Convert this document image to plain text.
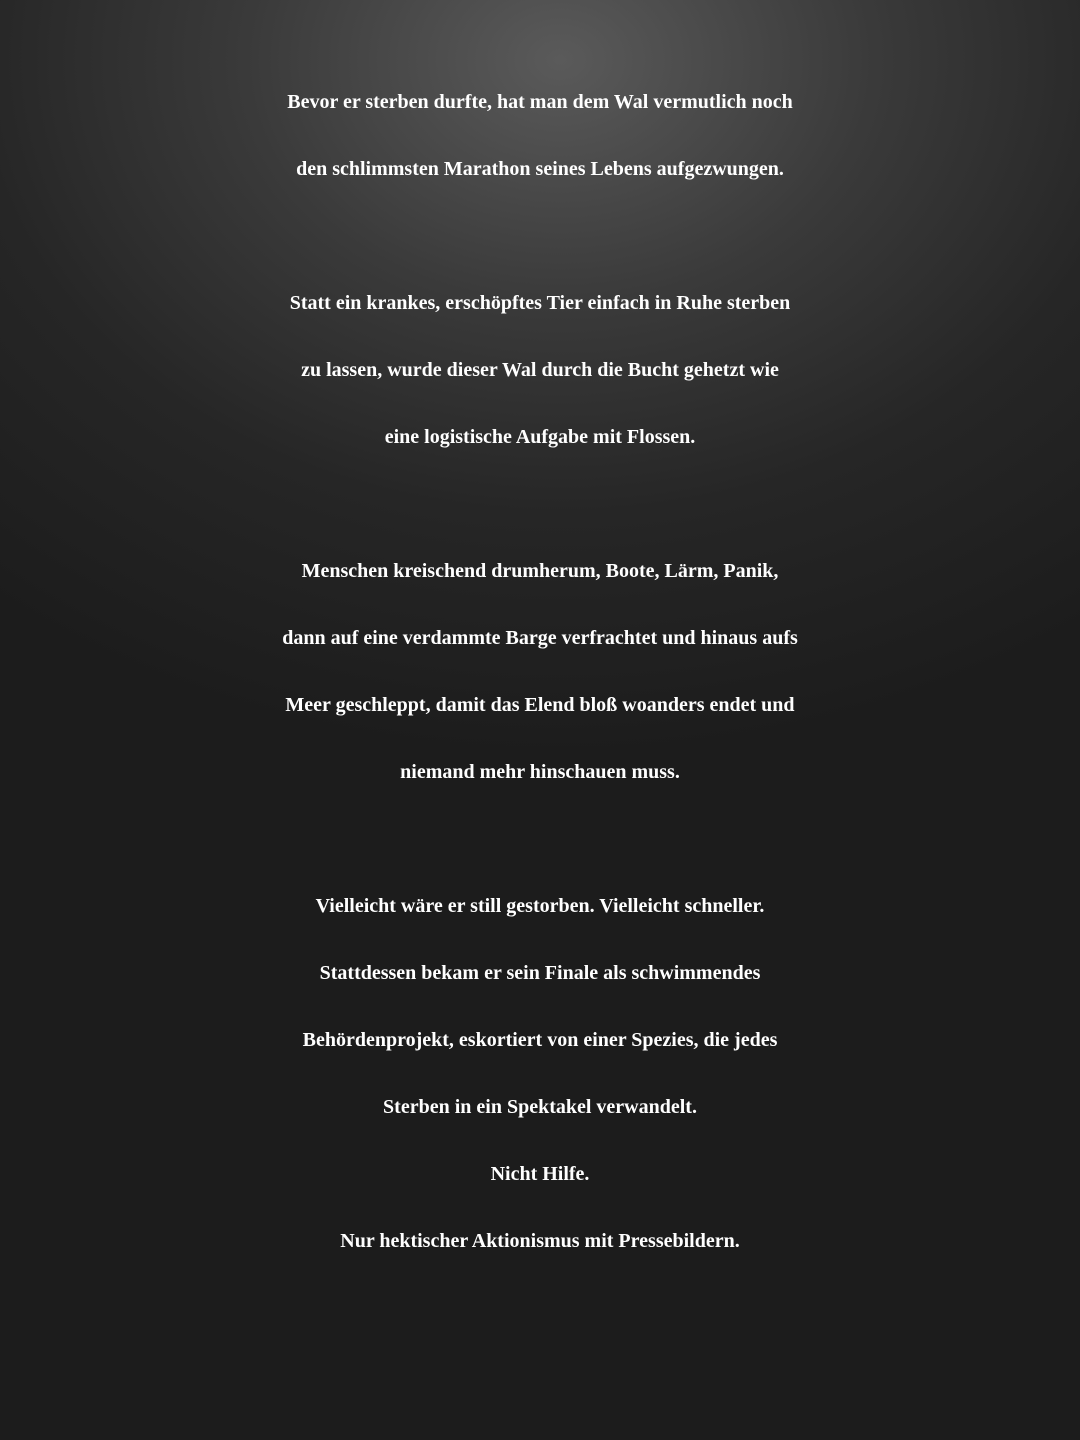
Bevor er sterben durfte, hat man dem Wal vermutlich noch
den schlimmsten Marathon seines Lebens aufgezwungen.
Statt ein krankes, erschöpftes Tier einfach in Ruhe sterben
zu lassen, wurde dieser Wal durch die Bucht gehetzt wie
eine logistische Aufgabe mit Flossen.
Menschen kreischend drumherum, Boote, Lärm, Panik,
dann auf eine verdammte Barge verfrachtet und hinaus aufs
Meer geschleppt, damit das Elend bloß woanders endet und
niemand mehr hinschauen muss.
Vielleicht wäre er still gestorben. Vielleicht schneller.
Stattdessen bekam er sein Finale als schwimmendes
Behördenprojekt, eskortiert von einer Spezies, die jedes
Sterben in ein Spektakel verwandelt.
Nicht Hilfe.
Nur hektischer Aktionismus mit Pressebildern.
